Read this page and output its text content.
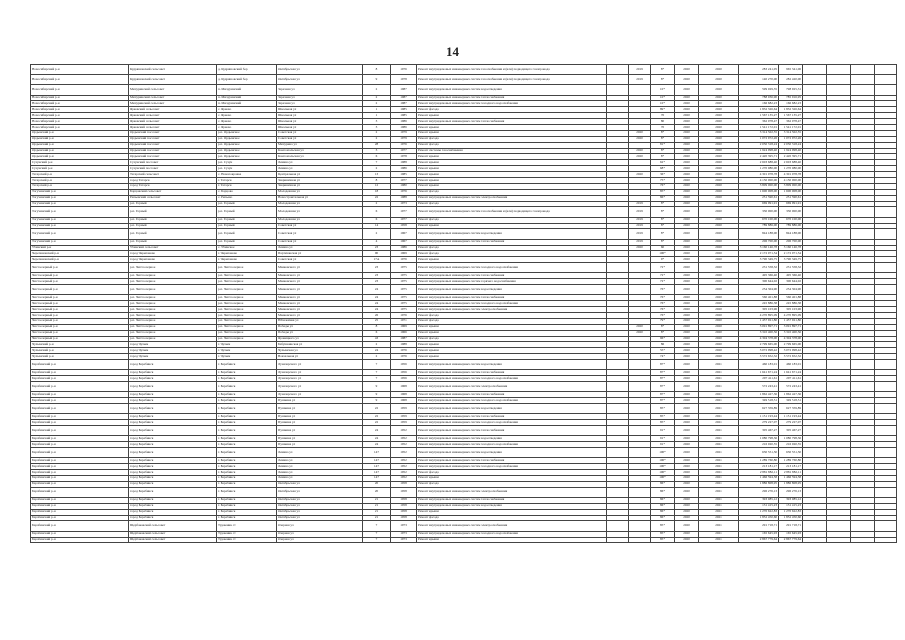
14
Новосибирский р-н	Кудряшовский сельсовет	д. Кудряшовский бор	Октябрьская ул	8	1976	Ремонт внутридомовых инженерных систем газоснабжения и (или) подводящего газопровода		2019	8*	2020	2020	283 241,05	965 341,06				
Новосибирский р-н	Кудряшовский сельсовет	д. Кудряшовский бор	Октябрьская ул	9	1978	Ремонт внутридомовых инженерных систем газоснабжения и (или) подводящего газопровода		2019	8*	2020	2020	140 270,00	282 420,00				
Новосибирский р-н	Мичуринский сельсовет	п. Мичуринский	Заречная ул	2	1987	Ремонт внутридомовых инженерных систем водоотведения			10*	2020	2020	599 029,35	798 925,31				
Новосибирский р-н	Мичуринский сельсовет	п. Мичуринский	Заречная ул	2	1987	Ремонт внутридомовых инженерных систем теплоснабжения			10*	2020	2020	788 036,90	785 916,95				
Новосибирский р-н	Мичуринский сельсовет	п. Мичуринский	Заречная ул	2	1987	Ремонт внутридомовых инженерных систем холодного водоснабжения			10*	2020	2020	166 682,23	166 682,23				
Новосибирский р-н	Ярковский сельсовет	с. Ярково	Школьная ул	1	1985	Ремонт фасада			89*	2020	2020	1 832 326,64	1 832 326,64				
Новосибирский р-н	Ярковский сельсовет	с. Ярково	Школьная ул	1	1985	Ремонт крыши			70	2020	2020	1 567 135,27	1 567 135,27				
Новосибирский р-н	Ярковский сельсовет	с. Ярково	Школьная ул	3	1986	Ремонт внутридомовых инженерных систем теплоснабжения			80	2020	2020	362 078,47	362 078,47				
Новосибирский р-н	Ярковский сельсовет	с. Ярково	Школьная ул	3	1986	Ремонт крыши			70	2020	2020	1 541 172,01	1 541 172,01				
Ордынский р-н	Ордынский поссовет	р.п. Ордынское	Советская ул	2	1979	Ремонт крыши		2020	8*	2020	2020	3 314 502,55	3 314 502,55				
Ордынский р-н	Ордынский поссовет	р.п. Ордынское	Советская ул	2	1979	Ремонт фасада		2020	8*	2020	2020	1 072 972,26	1 072 972,26				
Ордынский р-н	Ордынский поссовет	р.п. Ордынское	Мичурина ул	28	1976	Ремонт фасада			81*	2020	2020	2 050 318,24	2 050 318,24				
Ордынский р-н	Ордынский поссовет	р.п. Ордынское	Комсомольская ул	3	1977	Ремонт системы газоснабжения		2020	8*	2020	2020	1 924 998,40	1 924 998,40				
Ордынский р-н	Ордынский поссовет	р.п. Ордынское	Комсомольская ул	6	1978	Ремонт крыши		2020	8*	2020	2020	2 420 395,71	2 420 395,71				
Сузунский р-н	Сузунский поссовет	р.п. Сузун	Ленина ул	7	1988	Ремонт крыши			62*	2020	2020	2 603 688,40	2 603 688,40				
Сузунский р-н	Сузунский поссовет	р.п. Сузун	Ленина ул	2	1986	Ремонт крыши			68*	2020	2020	1 270 080,00	1 270 080,00				
Татарский р-н	Татарский сельсовет	с. Новопокровка	Центральная ул	13	1985	Ремонт крыши		2020	36*	2020	2020	4 301 078,78	4 301 078,78				
Татарский р-н	город Татарск	г. Татарск	Закриничная ул	8	1977	Ремонт крыши			75*	2020	2020	4 150 000,00	4 150 000,00				
Татарский р-н	город Татарск	г. Татарск	Закриничная ул	12	1980	Ремонт крыши			76*	2020	2020	3 809 000,00	3 809 000,00				
Тогучинский р-н	Борцовский сельсовет	с. Борцово	Молодежная ул	18	1976	Ремонт фасада			85*	2020	2020	1 600 008,00	1 600 008,00				
Тогучинский р-н	Репьевский сельсовет	с. Репьево	Новостроительная ул	22	1988	Ремонт внутридомовых инженерных систем электроснабжения			86*	2020	2020	251 590,61	251 590,61				
Тогучинский р-н	р.п. Горный	р.п. Горный	Молодежная ул	2	1973	Ремонт фасада		2019	8*	2020	2020	669 991,91	669 991,91				
Тогучинский р-н	р.п. Горный	р.п. Горный	Молодежная ул	6	1977	Ремонт внутридомовых инженерных систем газоснабжения и (или) подводящего газопровода		2019	8*	2020	2020	330 000,00	330 000,00				
Тогучинский р-н	р.п. Горный	р.п. Горный	Молодежная ул	6	1977	Ремонт фасада		2019	8*	2020	2020	670 100,00	670 100,00				
Тогучинский р-н	р.п. Горный	р.п. Горный	Советская ул	14	1958	Ремонт крыши		2019	8*	2020	2020	789 886,00	789 886,00				
Тогучинский р-н	р.п. Горный	р.п. Горный	Советская ул	2	1967	Ремонт внутридомовых инженерных систем водоотведения		2019	8*	2020	2020	844 188,00	844 188,00				
Тогучинский р-н	р.п. Горный	р.п. Горный	Советская ул	4	1967	Ремонт внутридомовых инженерных систем теплоснабжения		2019	8*	2020	2020	206 700,00	206 700,00				
Убинский р-н	Убинский сельсовет	с. Убинское	Ленина ул	23	1986	Ремонт фасада		2020	60	2020	2020	3 160 146,78	3 160 146,78				
Черепановский р-н	город Черепаново	г. Черепаново	Партизанская ул	90	1969	Ремонт фасада			100*	2020	2020	2 172 071,54	2 172 071,54				
Черепановский р-н	город Черепаново	г. Черепаново	Советская ул	17А	1976	Ремонт крыши			9*	2020	2020	3 790 349,75	3 790 349,75				
Чистоозерный р-н	р.п. Чистоозерное	р.п. Чистоозерное	Маяковского ул	23	1975	Ремонт внутридомовых инженерных систем холодного водоснабжения			72*	2020	2020	231 558,32	231 558,32				
Чистоозерный р-н	р.п. Чистоозерное	р.п. Чистоозерное	Маяковского ул	23	1975	Ремонт внутридомовых инженерных систем теплоснабжения			72*	2020	2020	495 366,40	495 366,40				
Чистоозерный р-н	р.п. Чистоозерное	р.п. Чистоозерное	Маяковского ул	23	1975	Ремонт внутридомовых инженерных систем горячего водоснабжения			72*	2020	2020	300 644,02	300 644,02				
Чистоозерный р-н	р.п. Чистоозерное	р.п. Чистоозерное	Маяковского ул	24	1975	Ремонт внутридомовых инженерных систем водоотведения			76*	2020	2020	254 304,90	254 304,90				
Чистоозерный р-н	р.п. Чистоозерное	р.п. Чистоозерное	Маяковского ул	24	1975	Ремонт внутридомовых инженерных систем теплоснабжения			76*	2020	2020	560 401,88	560 401,88				
Чистоозерный р-н	р.п. Чистоозерное	р.п. Чистоозерное	Маяковского ул	24	1975	Ремонт внутридомовых инженерных систем холодного водоснабжения			76*	2020	2020	245 886,38	245 886,38				
Чистоозерный р-н	р.п. Чистоозерное	р.п. Чистоозерное	Маяковского ул	24	1975	Ремонт внутридомовых инженерных систем электроснабжения			76*	2020	2020	305 103,96	305 103,96				
Чистоозерный р-н	р.п. Чистоозерное	р.п. Чистоозерное	Маяковского ул	26	1976	Ремонт фасада			76*	2020	2020	4 270 895,09	4 270 895,09				
Чистоозерный р-н	р.п. Чистоозерное	р.п. Чистоозерное	Юбилейная ул	25	1971	Ремонт фасада			79*	2020	2020	1 457 921,80	1 457 921,80				
Чистоозерный р-н	р.п. Чистоозерное	р.п. Чистоозерное	Победы ул	8	1969	Ремонт крыши		2020	8*	2020	2020	3 091 897,71	3 091 897,71				
Чистоозерный р-н	р.п. Чистоозерное	р.п. Чистоозерное	Победы ул	6	1966	Ремонт крыши		2020	8*	2020	2020	3 310 400,56	3 310 400,56				
Чистоозерный р-н	р.п. Чистоозерное	р.п. Чистоозерное	Яровицкого ул	43	1987	Ремонт фасада			96*	2020	2020	4 304 378,00	4 304 378,00				
Чулымский р-н	город Чулым	г. Чулым	Бабушкинская ул	2	1988	Ремонт крыши			86	2020	2020	2 799 665,00	2 799 665,00				
Чулымский р-н	город Чулым	г. Чулым	Чулымская ул	24	1976	Ремонт крыши			55*	2020	2020	3 072 998,42	3 072 998,42				
Чулымский р-н	город Чулым	г. Чулым	Вокзальная ул	2	1976	Ремонт крыши			74*	2020	2020	3 572 652,32	3 572 652,32				
Барабинский р-н	город Барабинск	г. Барабинск	Луначарского ул	7	1956	Ремонт внутридомовых инженерных систем водоотведения			87*	2020	2021	460 183,01	460 183,01				
Барабинский р-н	город Барабинск	г. Барабинск	Луначарского ул	7	1956	Ремонт внутридомовых инженерных систем теплоснабжения			87*	2020	2021	1 641 671,24	1 641 671,24				
Барабинский р-н	город Барабинск	г. Барабинск	Луначарского ул	7	1956	Ремонт внутридомовых инженерных систем холодного водоснабжения			87*	2020	2021	297 411,61	297 411,61				
Барабинский р-н	город Барабинск	г. Барабинск	Луначарского ул	9	1968	Ремонт внутридомовых инженерных систем электроснабжения			87*	2020	2021	572 243,41	572 243,41				
Барабинский р-н	город Барабинск	г. Барабинск	Луначарского ул	9	1968	Ремонт внутридомовых инженерных систем теплоснабжения			87*	2020	2021	1 862 427,36	1 862 427,36				
Барабинский р-н	город Барабинск	г. Барабинск	Пушкина ул	9	1968	Ремонт внутридомовых инженерных систем холодного водоснабжения			87*	2020	2021	349 518,51	349 518,51				
Барабинский р-н	город Барабинск	г. Барабинск	Пушкина ул	22	1959	Ремонт внутридомовых инженерных систем водоотведения			85*	2020	2021	627 359,89	627 359,89				
Барабинский р-н	город Барабинск	г. Барабинск	Пушкина ул	22	1959	Ремонт внутридомовых инженерных систем теплоснабжения			85*	2020	2021	1 151 193,44	1 151 193,44				
Барабинский р-н	город Барабинск	г. Барабинск	Пушкина ул	22	1959	Ремонт внутридомовых инженерных систем холодного водоснабжения			85*	2020	2021	279 227,07	279 227,07				
Барабинский р-н	город Барабинск	г. Барабинск	Пушкина ул	24	1952	Ремонт внутридомовых инженерных систем теплоснабжения			91*	2020	2021	305 467,27	305 467,27				
Барабинский р-н	город Барабинск	г. Барабинск	Пушкина ул	24	1952	Ремонт внутридомовых инженерных систем водоотведения			91*	2020	2021	1 080 798,36	1 080 798,36				
Барабинский р-н	город Барабинск	г. Барабинск	Пушкина ул	24	1952	Ремонт внутридомовых инженерных систем холодного водоснабжения			91*	2020	2021	216 020,55	216 020,55				
Барабинский р-н	город Барабинск	г. Барабинск	Ленина ул	147	1952	Ремонт внутридомовых инженерных систем водоотведения			100*	2020	2021	630 551,50	630 551,50				
Барабинский р-н	город Барабинск	г. Барабинск	Ленина ул	147	1952	Ремонт внутридомовых инженерных систем теплоснабжения			100*	2020	2021	1 289 760,80	1 289 760,80				
Барабинский р-н	город Барабинск	г. Барабинск	Ленина ул	147	1952	Ремонт внутридомовых инженерных систем холодного водоснабжения			100*	2020	2021	213 181,17	213 181,17				
Барабинский р-н	город Барабинск	г. Барабинск	Ленина ул	147	1952	Ремонт фасада			100*	2020	2021	2 881 882,11	2 881 882,11				
Барабинский р-н	город Барабинск	г. Барабинск	Ленина ул	147	1952	Ремонт крыши			100*	2020	2021	1 466 594,58	1 466 594,58				
Барабинский р-н	город Барабинск	г. Барабинск	Октябрьская ул	20	1958	Ремонт фасада			86*	2020	2021	1 886 808,95	1 886 808,95				
Барабинский р-н	город Барабинск	г. Барабинск	Октябрьская ул	20	1958	Ремонт внутридомовых инженерных систем электроснабжения			86*	2020	2021	296 276,13	296 276,13				
Барабинский р-н	город Барабинск	г. Барабинск	Октябрьская ул	21	1958	Ремонт внутридомовых инженерных систем теплоснабжения			86*	2020	2021	393 085,12	393 085,12				
Барабинский р-н	город Барабинск	г. Барабинск	Октябрьская ул	21	1958	Ремонт внутридомовых инженерных систем водоотведения			86*	2020	2021	131 415,23	131 415,23				
Барабинский р-н	город Барабинск	г. Барабинск	Октябрьская ул	21	1958	Ремонт крыши			86*	2020	2021	1 270 622,83	1 270 622,83				
Барабинский р-н	город Барабинск	г. Барабинск	Октябрьская ул	21	1958	Ремонт фасада			86*	2020	2021	1 852 450,60	1 852 450,60				
Барабинский р-н	Щербаковский сельсовет	Труженик ст	Озерная ул	7	1973	Ремонт внутридомовых инженерных систем электроснабжения			85*	2020	2021	291 718,71	291 718,71				
Барабинский р-н	Щербаковский сельсовет	Труженик ст	Озерная ул	7	1973	Ремонт внутридомовых инженерных систем холодного водоснабжения			85*	2020	2021	165 645,93	165 645,93				
Барабинский р-н	Щербаковский сельсовет	Труженик ст	Озерная ул	7	1973	Ремонт крыши			85*	2020	2021	2 867 779,64	2 867 779,64				
